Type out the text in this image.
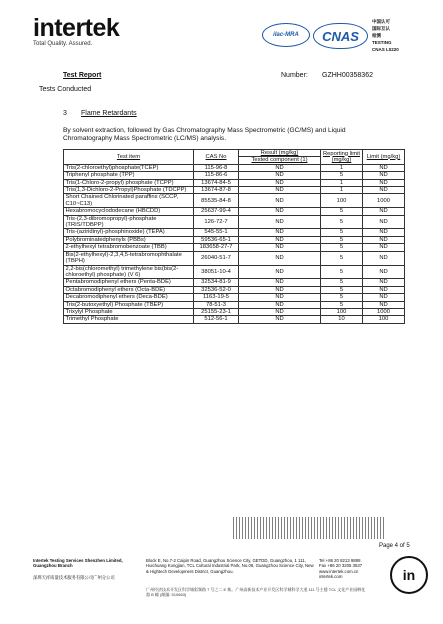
intertek
Total Quality. Assured.
ilac-MRA	CNAS
中国认可
国际互认
检测
TESTING
CNAS L0220
Test Report	Number: GZHH00358362
Tests Conducted
3 Flame Retardants
By solvent extraction, followed by Gas Chromatography Mass Spectrometric (GC/MS) and Liquid Chromatography Mass Spectrometric (LC/MS) analysis.
Test item	CAS No	Result (mg/kg)	Reporting limit (mg/kg)	Limit (mg/kg)
		Tested component (1)		
Tris(2-chloroethyl)phosphate(TCEP)	115-96-8	ND	1	ND
Triphenyl phosphate (TPP)	115-86-6	ND	5	ND
Tris(1-Chloro-2-propyl) phosphate (TCPP)	13674-84-5	ND	1	ND
Tris(1,3-Dichloro-2-Propyl)Phosphate (TDCPP)	13674-87-8	ND	1	ND
Short Chained Chlorinated paraffins (SCCP, C10~C13)	85535-84-8	ND	100	1000
Hexabromocyclododecane (HBCDD)	25637-99-4	ND	5	ND
Tris-(2,3-dibromopropyl)-phosphate (TRIS/TDBPP)	126-72-7	ND	5	ND
Tris-(aziridinyl)-phosphinoxide) (TEPA)	545-55-1	ND	5	ND
Polybrominatedphenyls (PBBs)	59536-65-1	ND	5	ND
2-ethylhexyl tetrabromobenzoate (TBB)	183658-27-7	ND	5	ND
Bis(2-ethylhexyl)-2,3,4,5-tetrabromophthalate (TBPH)	26040-51-7	ND	5	ND
2,2-bis(chloromethyl) trimethylene bis(bis(2-chloroethyl) phosphate) (V 6)	38051-10-4	ND	5	ND
Pentabromodiphenyl ethers (Penta-BDE)	32534-81-9	ND	5	ND
Octabromodiphenyl ethers (Octa-BDE)	32536-52-0	ND	5	ND
Decabromodiphenyl ethers (Deca-BDE)	1163-19-5	ND	5	ND
Tris(2-butoxyethyl) Phosphate (TBEP)	78-51-3	ND	5	ND
Trixylyl Phosphate	25155-23-1	ND	100	1000
Trimethyl Phosphate	512-56-1	ND	10	100
Page 4 of 5
Intertek Testing Services Shenzhen Limited, Guangzhou Branch
Block E, No.7-2 Caipin Road, Guangzhou Science City, GETDD, Guangzhou, 1 111, Huichuang Kongjian, TCL Cultural Industrial Park, No.09, Guangzhou Science City, New & Hightech Development District, Guangzhou.
Tel +86 20 8213 9888
Fax +86 20 3205 3537
www.intertek.com.cn
intertek.com
深圳天祥质量技术服务有限公司广州分公司
广州经济技术开发区科学城彩频路 7 号之二 E 栋。广州高新技术产业开发区科学城科学大道 111 号主楼 TCL 文化产业园孵化器 B 幢 (邮编: 510663)
in
